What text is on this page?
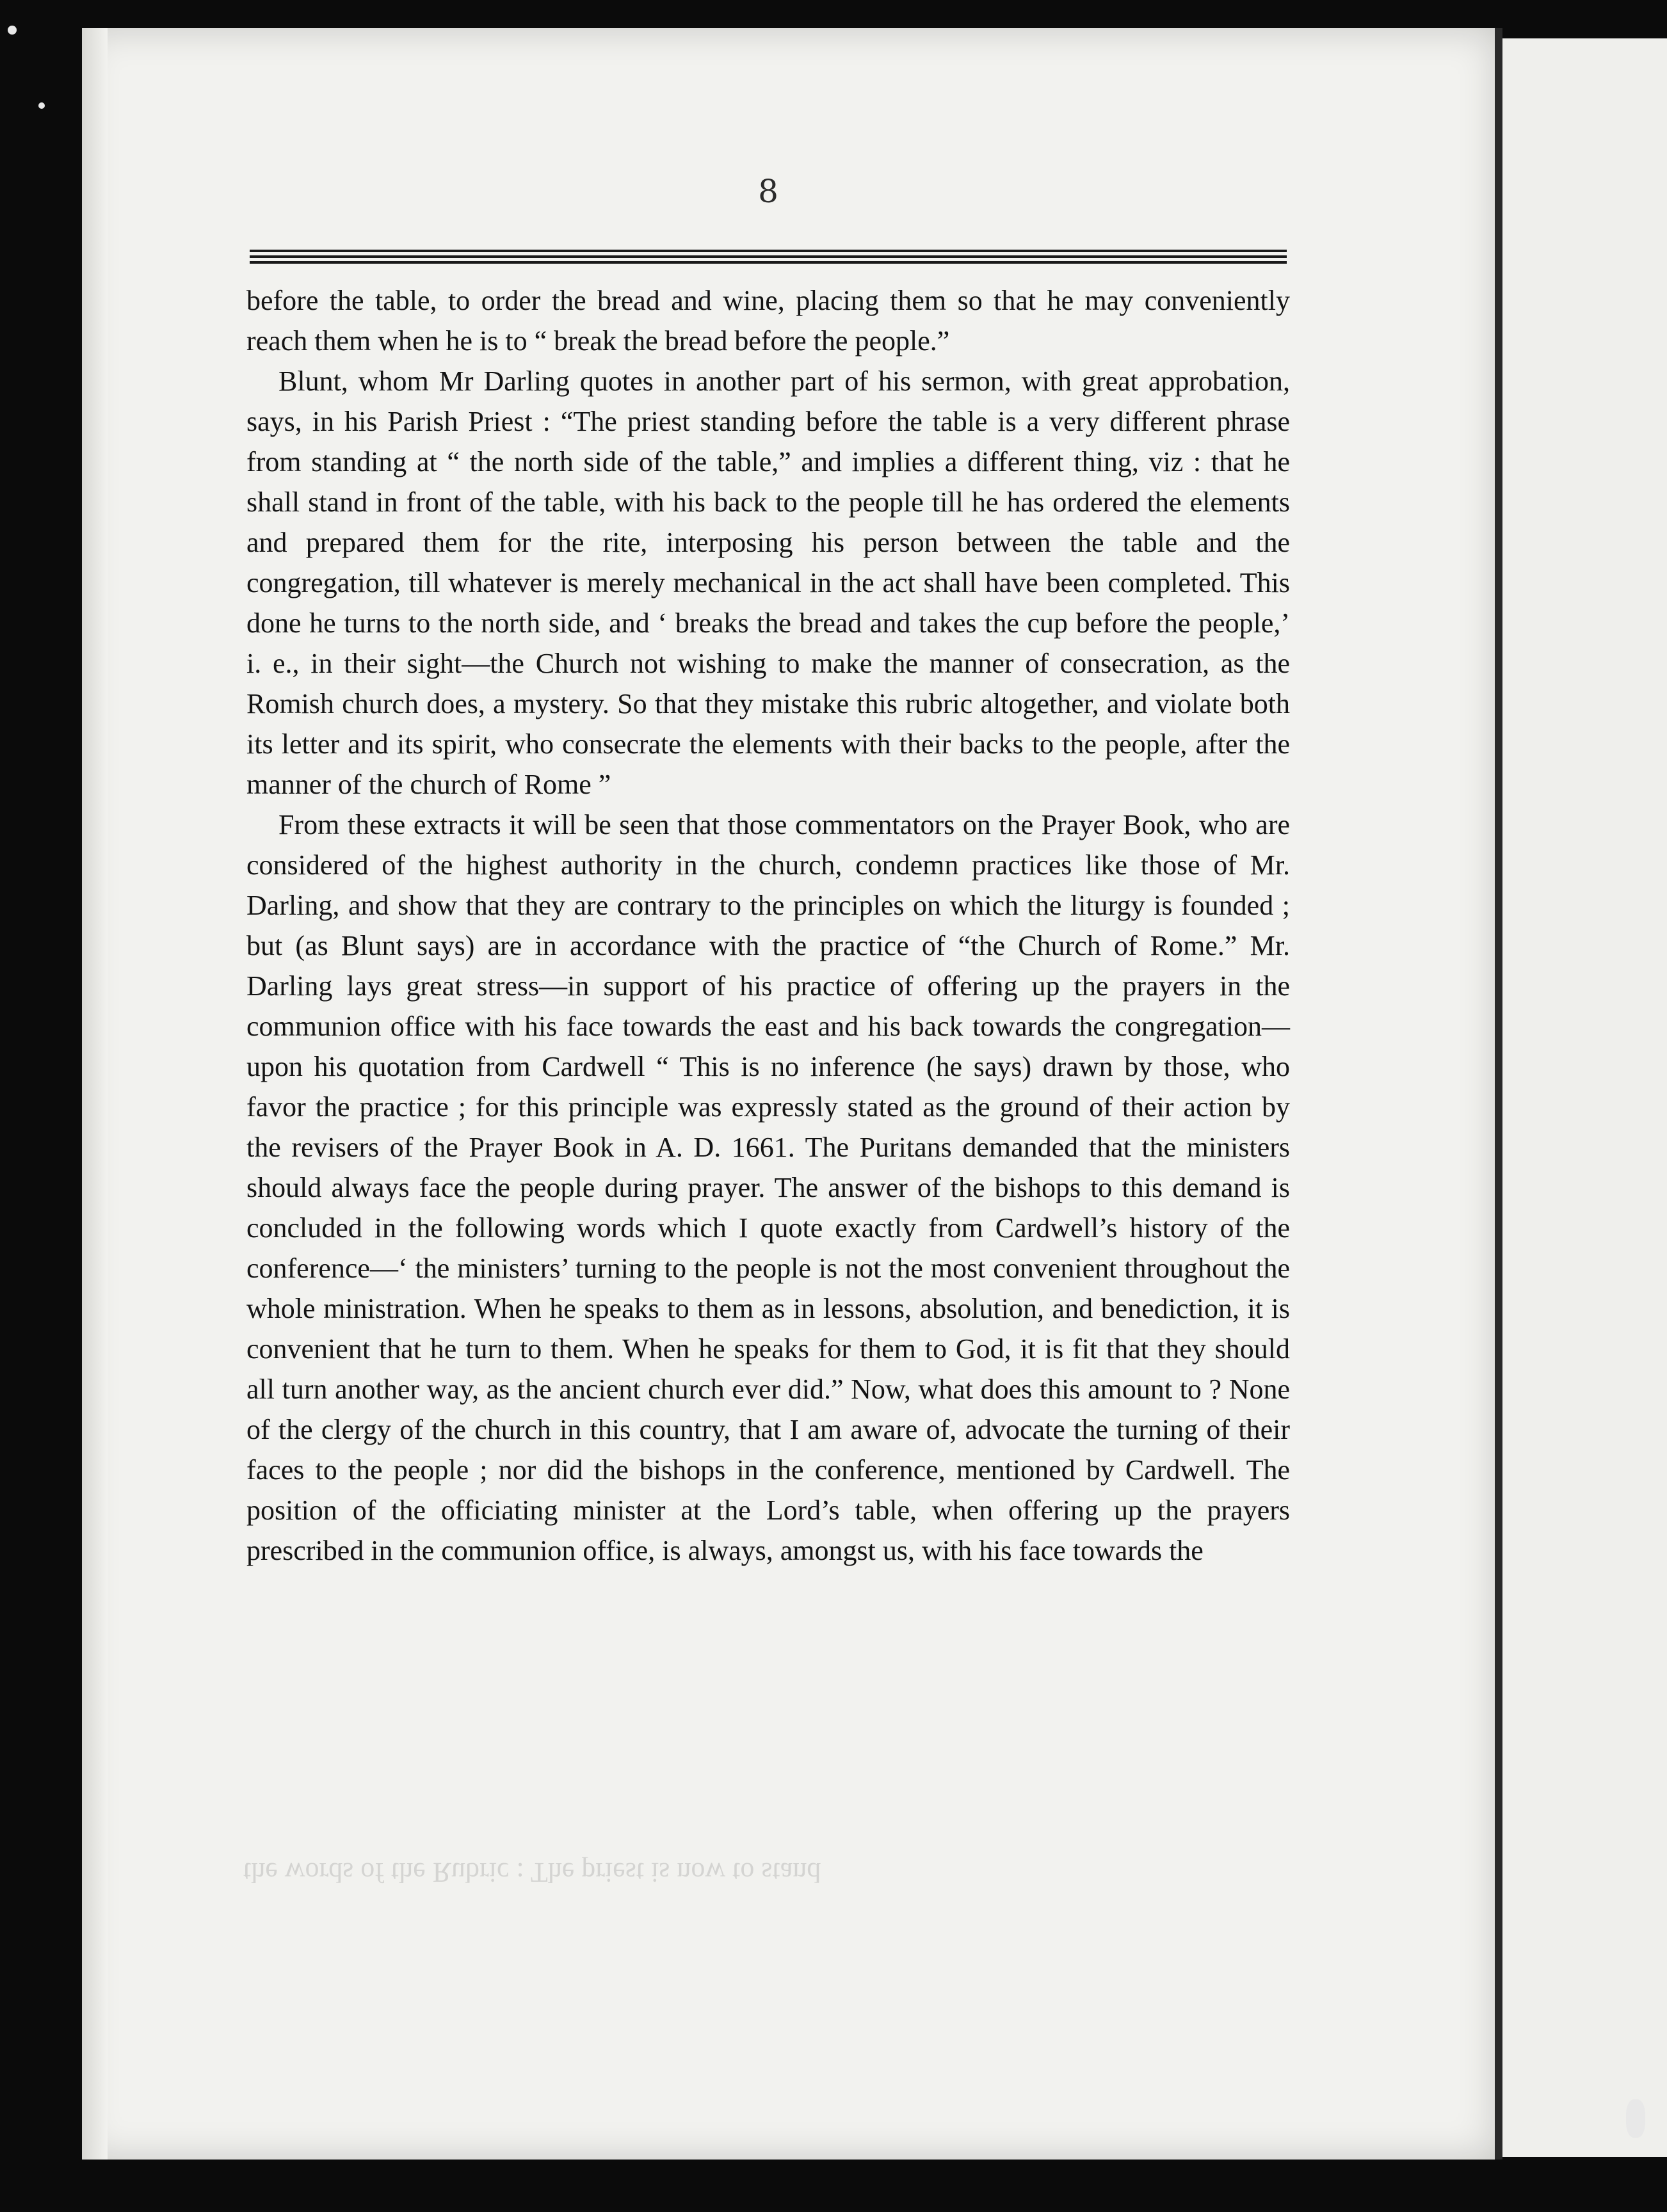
8

before the table, to order the bread and wine, placing them so that he may conveniently reach them when he is to “ break the bread before the people.”

Blunt, whom Mr Darling quotes in another part of his sermon, with great approbation, says, in his Parish Priest : “The priest standing before the table is a very different phrase from standing at “ the north side of the table,” and implies a different thing, viz : that he shall stand in front of the table, with his back to the people till he has ordered the elements and prepared them for the rite, interposing his person between the table and the congregation, till whatever is merely mechanical in the act shall have been completed. This done he turns to the north side, and ‘ breaks the bread and takes the cup before the people,’ i. e., in their sight—the Church not wishing to make the manner of consecration, as the Romish church does, a mystery. So that they mistake this rubric altogether, and violate both its letter and its spirit, who consecrate the elements with their backs to the people, after the manner of the church of Rome ”

From these extracts it will be seen that those commentators on the Prayer Book, who are considered of the highest authority in the church, condemn practices like those of Mr. Darling, and show that they are contrary to the principles on which the liturgy is founded ; but (as Blunt says) are in accordance with the practice of “the Church of Rome.” Mr. Darling lays great stress—in support of his practice of offering up the prayers in the communion office with his face towards the east and his back towards the congregation—upon his quotation from Cardwell “ This is no inference (he says) drawn by those, who favor the practice ; for this principle was expressly stated as the ground of their action by the revisers of the Prayer Book in A. D. 1661. The Puritans demanded that the ministers should always face the people during prayer. The answer of the bishops to this demand is concluded in the following words which I quote exactly from Cardwell’s history of the conference—‘ the ministers’ turning to the people is not the most convenient throughout the whole ministration. When he speaks to them as in lessons, absolution, and benediction, it is convenient that he turn to them. When he speaks for them to God, it is fit that they should all turn another way, as the ancient church ever did.” Now, what does this amount to ? None of the clergy of the church in this country, that I am aware of, advocate the turning of their faces to the people ; nor did the bishops in the conference, mentioned by Cardwell. The position of the officiating minister at the Lord’s table, when offering up the prayers prescribed in the communion office, is always, amongst us, with his face towards the

the words of the Rubric : The priest is now to stand
